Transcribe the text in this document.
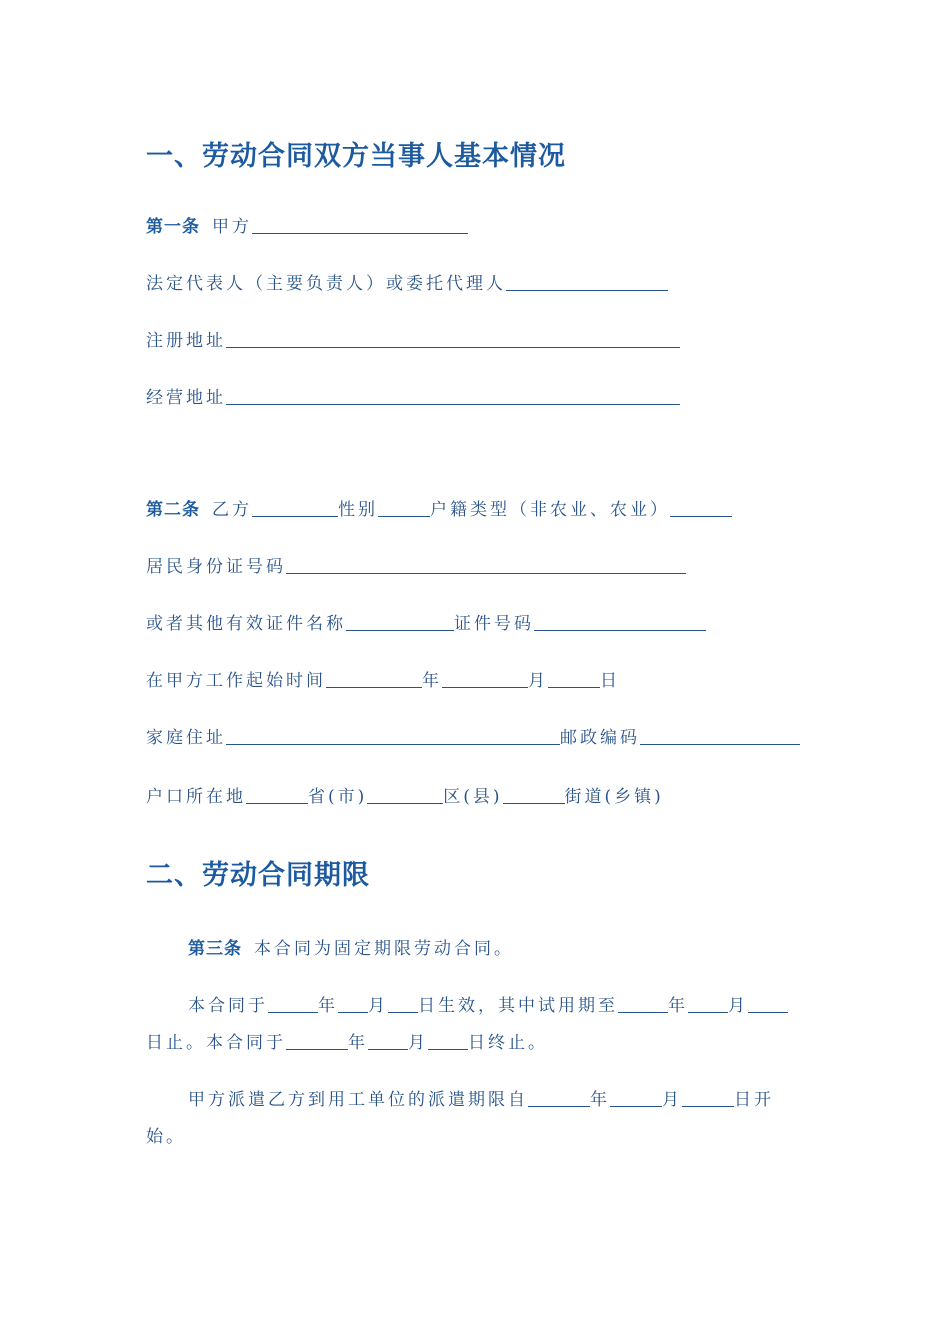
一、劳动合同双方当事人基本情况
第一条 甲方
法定代表人（主要负责人）或委托代理人
注册地址
经营地址
第二条 乙方	性别	户籍类型（非农业、农业）
居民身份证号码
或者其他有效证件名称	证件号码
在甲方工作起始时间	年	月	日
家庭住址	邮政编码
户口所在地	省(市)	区(县)	街道(乡镇)
二、劳动合同期限
第三条 本合同为固定期限劳动合同。
本合同于	年 月 日生效，其中试用期至	年 月
日止。本合同于	年 月 日终止。
甲方派遣乙方到用工单位的派遣期限自	年	月	日开
始。
